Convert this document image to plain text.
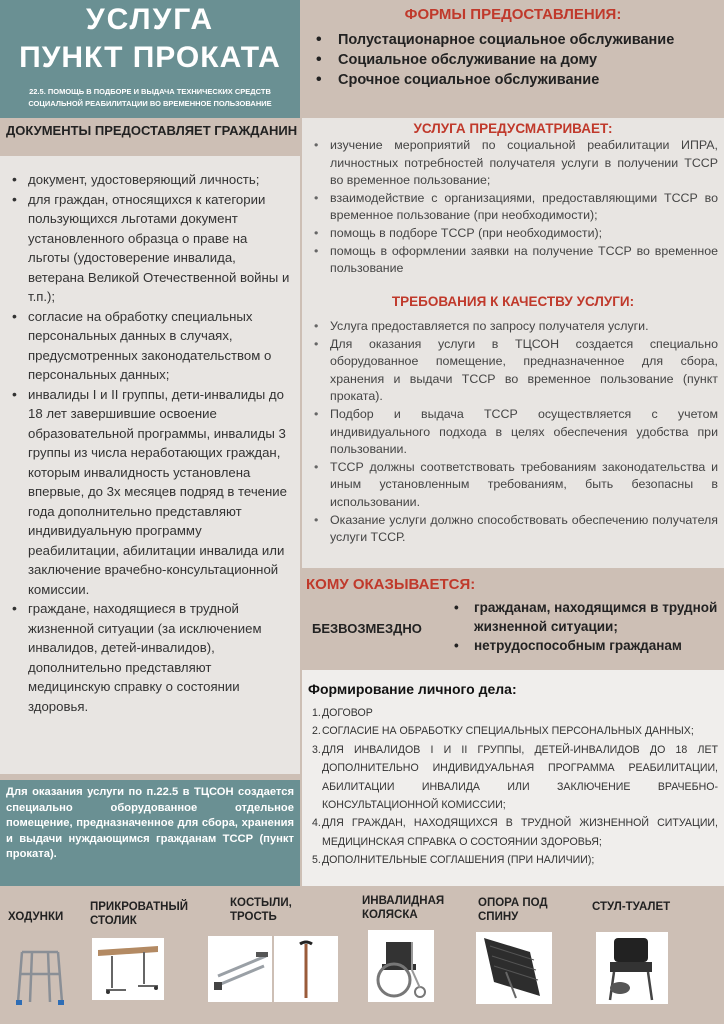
УСЛУГА
ПУНКТ ПРОКАТА
22.5. ПОМОЩЬ В ПОДБОРЕ И ВЫДАЧА ТЕХНИЧЕСКИХ СРЕДСТВ СОЦИАЛЬНОЙ РЕАБИЛИТАЦИИ ВО ВРЕМЕННОЕ ПОЛЬЗОВАНИЕ
ДОКУМЕНТЫ ПРЕДОСТАВЛЯЕТ ГРАЖДАНИН
• документ, удостоверяющий личность;
• для граждан, относящихся к категории пользующихся льготами документ установленного образца о праве на льготы (удостоверение инвалида, ветерана Великой Отечественной войны и т.п.);
• согласие на обработку специальных персональных данных в случаях, предусмотренных законодательством о персональных данных;
• инвалиды I и II группы, дети-инвалиды до 18 лет завершившие освоение образовательной программы, инвалиды 3 группы из числа неработающих граждан, которым инвалидность установлена впервые, до 3х месяцев подряд в течение года дополнительно представляют индивидуальную программу реабилитации, абилитации инвалида или заключение врачебно-консультационной комиссии.
• граждане, находящиеся в трудной жизненной ситуации (за исключением инвалидов, детей-инвалидов), дополнительно представляют медицинскую справку о состоянии здоровья.
Для оказания услуги по п.22.5 в ТЦСОН создается специально оборудованное отдельное помещение, предназначенное для сбора, хранения и выдачи нуждающимся гражданам ТССР (пункт проката).
ФОРМЫ ПРЕДОСТАВЛЕНИЯ:
• Полустационарное социальное обслуживание
• Социальное обслуживание на дому
• Срочное социальное обслуживание
УСЛУГА ПРЕДУСМАТРИВАЕТ:
• изучение мероприятий по социальной реабилитации ИПРА, личностных потребностей получателя услуги в получении ТССР во временное пользование;
• взаимодействие с организациями, предоставляющими ТССР во временное пользование (при необходимости);
• помощь в подборе ТССР (при необходимости);
• помощь в оформлении заявки на получение ТССР во временное пользование
ТРЕБОВАНИЯ К КАЧЕСТВУ УСЛУГИ:
• Услуга предоставляется по запросу получателя услуги.
• Для оказания услуги в ТЦСОН создается специально оборудованное помещение, предназначенное для сбора, хранения и выдачи ТССР во временное пользование (пункт проката).
• Подбор и выдача ТССР осуществляется с учетом индивидуального подхода в целях обеспечения удобства при пользовании.
• ТССР должны соответствовать требованиям законодательства и иным установленным требованиям, быть безопасны в использовании.
• Оказание услуги должно способствовать обеспечению получателя услуги ТССР.
КОМУ ОКАЗЫВАЕТСЯ:
БЕЗВОЗМЕЗДНО
• гражданам, находящимся в трудной жизненной ситуации;
• нетрудоспособным гражданам
Формирование личного дела:
1. ДОГОВОР
2. СОГЛАСИЕ НА ОБРАБОТКУ СПЕЦИАЛЬНЫХ ПЕРСОНАЛЬНЫХ ДАННЫХ;
3. ДЛЯ ИНВАЛИДОВ I И II ГРУППЫ, ДЕТЕЙ-ИНВАЛИДОВ ДО 18 ЛЕТ ДОПОЛНИТЕЛЬНО ИНДИВИДУАЛЬНАЯ ПРОГРАММА РЕАБИЛИТАЦИИ, АБИЛИТАЦИИ ИНВАЛИДА ИЛИ ЗАКЛЮЧЕНИЕ ВРАЧЕБНО-КОНСУЛЬТАЦИОННОЙ КОМИССИИ;
4. ДЛЯ ГРАЖДАН, НАХОДЯЩИХСЯ В ТРУДНОЙ ЖИЗНЕННОЙ СИТУАЦИИ, МЕДИЦИНСКАЯ СПРАВКА О СОСТОЯНИИ ЗДОРОВЬЯ;
5. ДОПОЛНИТЕЛЬНЫЕ СОГЛАШЕНИЯ (ПРИ НАЛИЧИИ);
ХОДУНКИ
ПРИКРОВАТНЫЙ СТОЛИК
КОСТЫЛИ, ТРОСТЬ
ИНВАЛИДНАЯ КОЛЯСКА
ОПОРА ПОД СПИНУ
СТУЛ-ТУАЛЕТ
